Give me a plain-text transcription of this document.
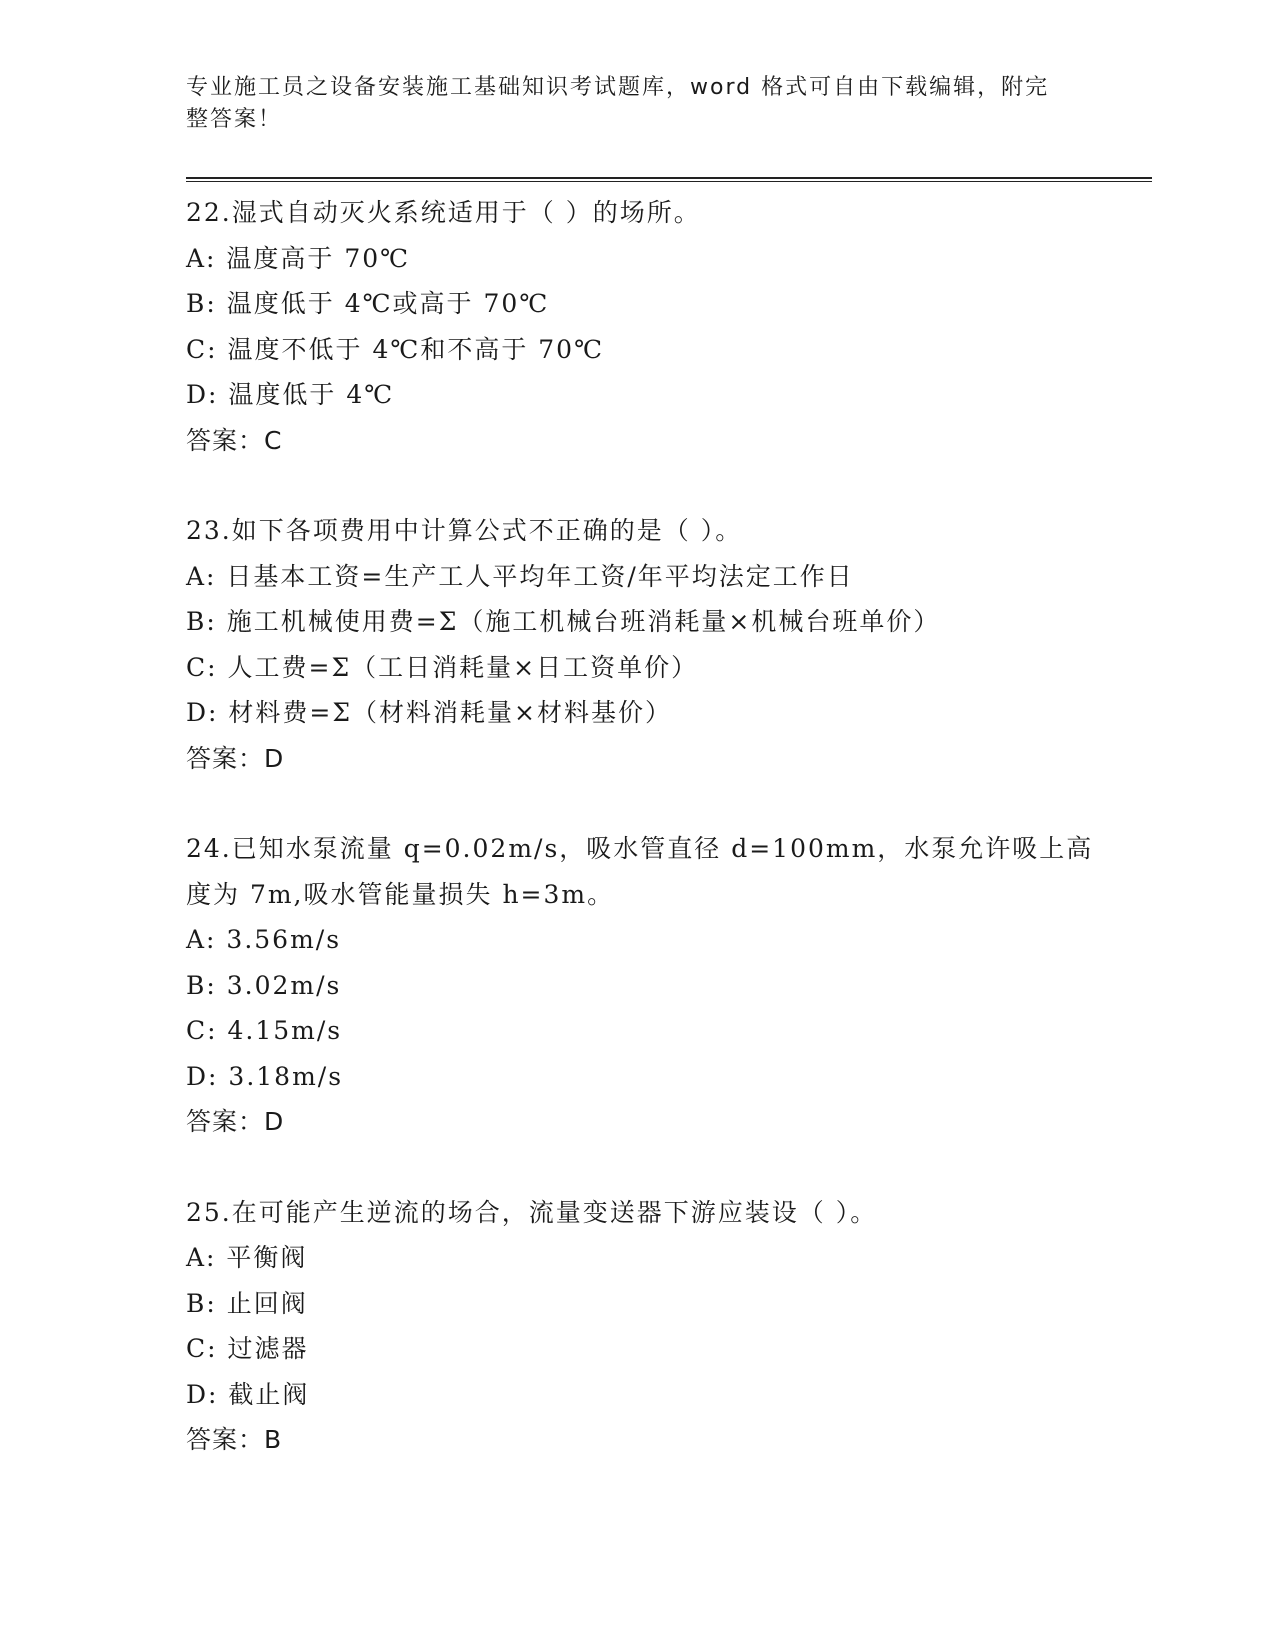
专业施工员之设备安装施工基础知识考试题库，word 格式可自由下载编辑，附完
整答案！
22.湿式自动灭火系统适用于（ ）的场所。
A: 温度高于 70℃
B: 温度低于 4℃或高于 70℃
C: 温度不低于 4℃和不高于 70℃
D: 温度低于 4℃
答案：C
23.如下各项费用中计算公式不正确的是（ ）。
A: 日基本工资=生产工人平均年工资/年平均法定工作日
B: 施工机械使用费=Σ（施工机械台班消耗量×机械台班单价）
C: 人工费=Σ（工日消耗量×日工资单价）
D: 材料费=Σ（材料消耗量×材料基价）
答案：D
24.已知水泵流量 q=0.02m/s，吸水管直径 d=100mm，水泵允许吸上高
度为 7m,吸水管能量损失 h=3m。
A: 3.56m/s
B: 3.02m/s
C: 4.15m/s
D: 3.18m/s
答案：D
25.在可能产生逆流的场合，流量变送器下游应装设（ ）。
A: 平衡阀
B: 止回阀
C: 过滤器
D: 截止阀
答案：B
